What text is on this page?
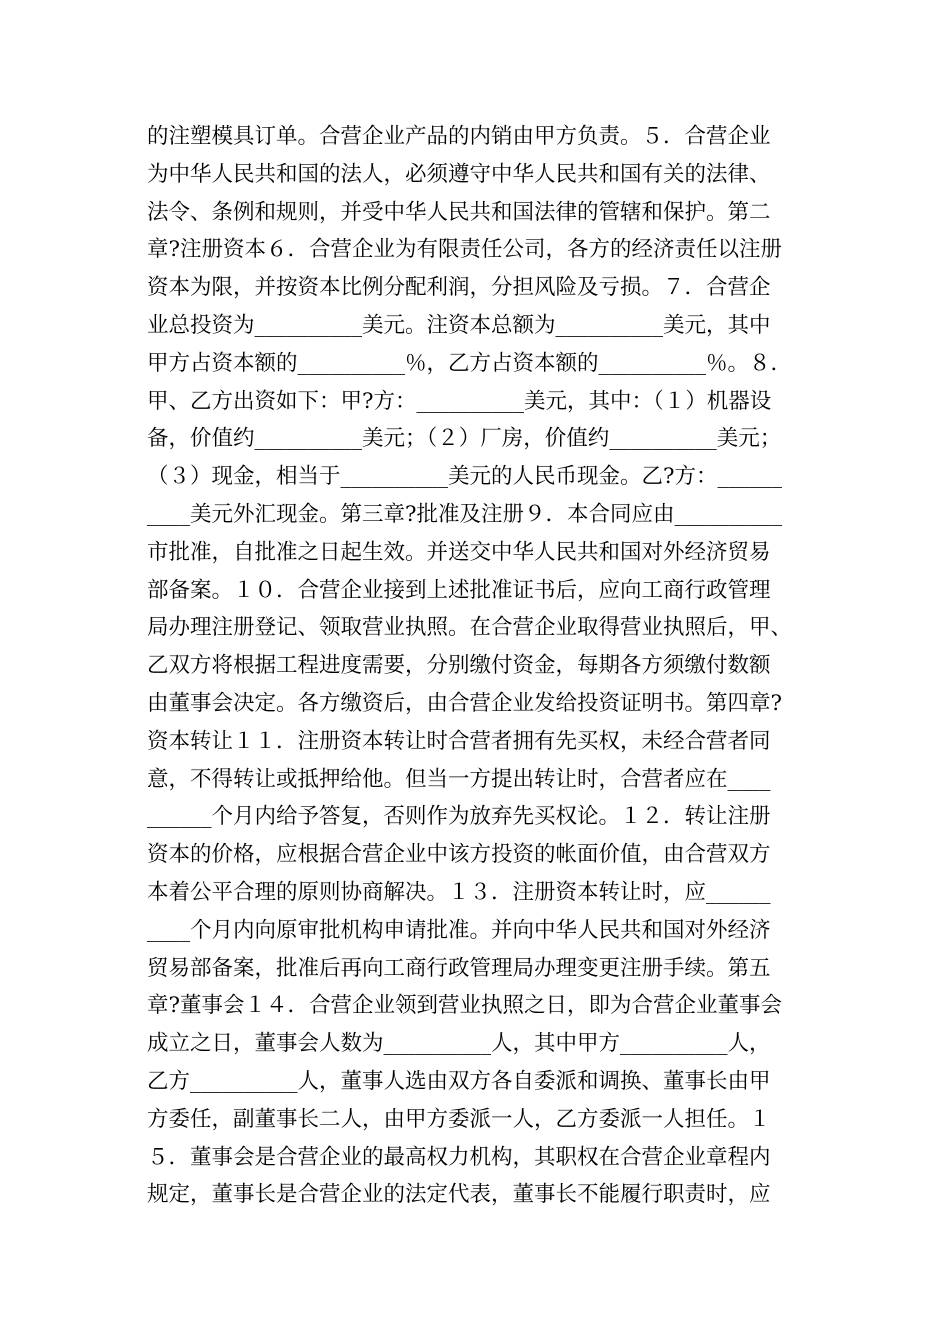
的注塑模具订单。合营企业产品的内销由甲方负责。５．合营企业
为中华人民共和国的法人，必须遵守中华人民共和国有关的法律、
法令、条例和规则，并受中华人民共和国法律的管辖和保护。第二
章?注册资本６．合营企业为有限责任公司，各方的经济责任以注册
资本为限，并按资本比例分配利润，分担风险及亏损。７．合营企
业总投资为__________美元。注资本总额为__________美元，其中
甲方占资本额的__________％，乙方占资本额的__________％。８．
甲、乙方出资如下：甲?方：__________美元，其中：（１）机器设
备，价值约__________美元；（２）厂房，价值约__________美元；
（３）现金，相当于__________美元的人民币现金。乙?方：______
____美元外汇现金。第三章?批准及注册９．本合同应由__________
市批准，自批准之日起生效。并送交中华人民共和国对外经济贸易
部备案。１０．合营企业接到上述批准证书后，应向工商行政管理
局办理注册登记、领取营业执照。在合营企业取得营业执照后，甲、
乙双方将根据工程进度需要，分别缴付资金，每期各方须缴付数额
由董事会决定。各方缴资后，由合营企业发给投资证明书。第四章?
资本转让１１．注册资本转让时合营者拥有先买权，未经合营者同
意，不得转让或抵押给他。但当一方提出转让时，合营者应在____
______个月内给予答复，否则作为放弃先买权论。１２．转让注册
资本的价格，应根据合营企业中该方投资的帐面价值，由合营双方
本着公平合理的原则协商解决。１３．注册资本转让时，应______
____个月内向原审批机构申请批准。并向中华人民共和国对外经济
贸易部备案，批准后再向工商行政管理局办理变更注册手续。第五
章?董事会１４．合营企业领到营业执照之日，即为合营企业董事会
成立之日，董事会人数为__________人，其中甲方__________人，
乙方__________人，董事人选由双方各自委派和调换、董事长由甲
方委任，副董事长二人，由甲方委派一人，乙方委派一人担任。１
５．董事会是合营企业的最高权力机构，其职权在合营企业章程内
规定，董事长是合营企业的法定代表，董事长不能履行职责时，应
